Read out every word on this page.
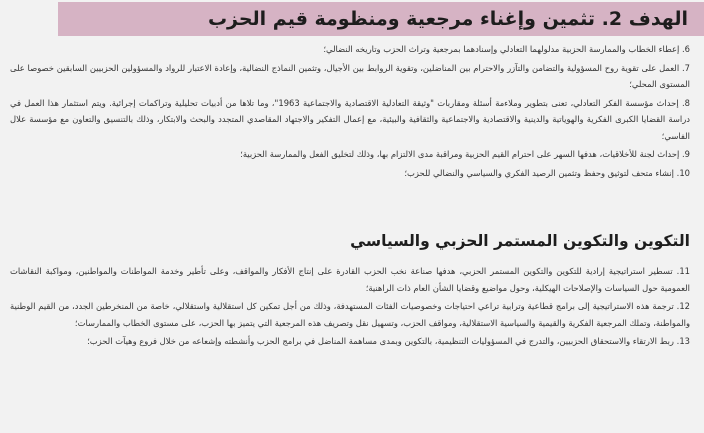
الهدف 2. تثمين وإغناء مرجعية ومنظومة قيم الحزب

6. إعطاء الخطاب والممارسة الحزبية مدلولهما التعادلي وإسنادهما بمرجعية وتراث الحزب وتاريخه النضالي؛

7. العمل على تقوية روح المسؤولية والتضامن والتآزر والاحترام بين المناضلين، وتقوية الروابط بين الأجيال، وتثمين النماذج النضالية، وإعادة الاعتبار للرواد والمسؤولين الحزبيين السابقين خصوصا على المستوى المحلي؛

8. إحداث مؤسسة الفكر التعادلي، تعنى بتطوير وملاءمة أسئلة ومقاربات "وثيقة التعادلية الاقتصادية والاجتماعية 1963"، وما تلاها من أدبيات تحليلية وتراكمات إجرائية. ويتم استثمار هذا العمل في دراسة القضايا الكبرى الفكرية والهوياتية والدينية والاقتصادية والاجتماعية والثقافية والبيئية، مع إعمال التفكير والاجتهاد المقاصدي المتجدد والبحث والابتكار، وذلك بالتنسيق والتعاون مع مؤسسة علال الفاسي؛

9. إحداث لجنة للأخلاقيات، هدفها السهر على احترام القيم الحزبية ومراقبة مدى الالتزام بها، وذلك لتخليق الفعل والممارسة الحزبية؛

10. إنشاء متحف لتوثيق وحفظ وتثمين الرصيد الفكري والسياسي والنضالي للحزب؛

التكوين والتكوين المستمر الحزبي والسياسي

11. تسطير استراتيجية إرادية للتكوين والتكوين المستمر الحزبي، هدفها صناعة نخب الحزب القادرة على إنتاج الأفكار والمواقف، وعلى تأطير وخدمة المواطنات والمواطنين، ومواكبة النقاشات العمومية حول السياسات والإصلاحات الهيكلية، وحول مواضيع وقضايا الشأن العام ذات الراهنية؛

12. ترجمة هذه الاستراتيجية إلى برامج قطاعية وترابية تراعي احتياجات وخصوصيات الفئات المستهدفة، وذلك من أجل تمكين كل استقلالية واستقلالي، خاصة من المنخرطين الجدد، من القيم الوطنية والمواطنة، وتملك المرجعية الفكرية والقيمية والسياسية الاستقلالية، ومواقف الحزب، وتسهيل نقل وتصريف هذه المرجعية التي يتميز بها الحزب، على مستوى الخطاب والممارسات؛

13. ربط الارتقاء والاستحقاق الحزبيين، والتدرج في المسؤوليات التنظيمية، بالتكوين وبمدى مساهمة المناضل في برامج الحزب وأنشطته وإشعاعه من خلال فروع وهيآت الحزب؛
